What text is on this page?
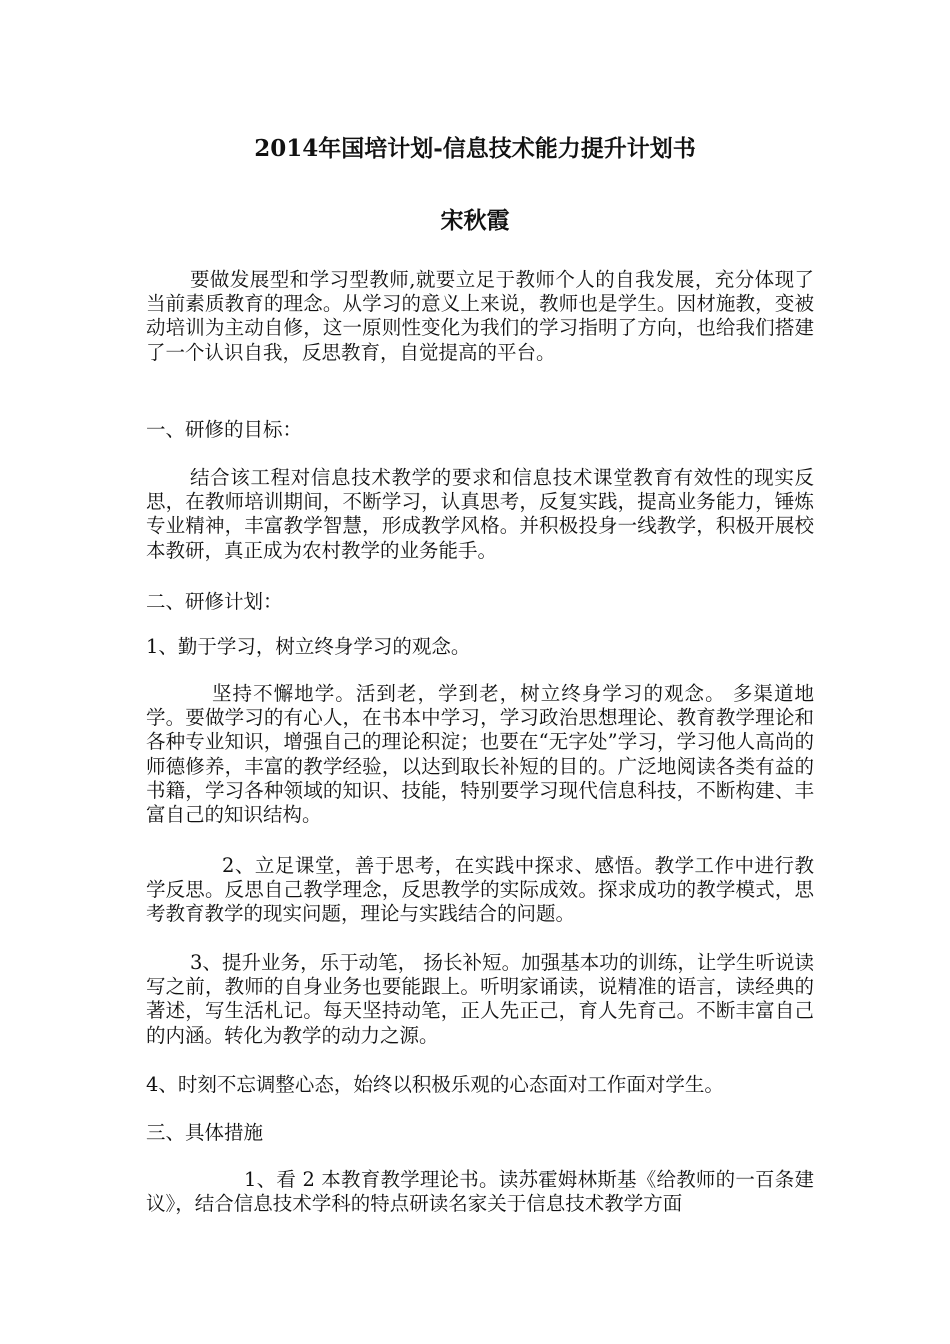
2014年国培计划-信息技术能力提升计划书
宋秋霞

要做发展型和学习型教师,就要立足于教师个人的自我发展，充分体现了当前素质教育的理念。从学习的意义上来说，教师也是学生。因材施教，变被动培训为主动自修，这一原则性变化为我们的学习指明了方向，也给我们搭建了一个认识自我，反思教育，自觉提高的平台。

一、研修的目标：

结合该工程对信息技术教学的要求和信息技术课堂教育有效性的现实反思，在教师培训期间，不断学习，认真思考，反复实践，提高业务能力，锤炼专业精神，丰富教学智慧，形成教学风格。并积极投身一线教学，积极开展校本教研，真正成为农村教学的业务能手。

二、研修计划：

1、勤于学习，树立终身学习的观念。

坚持不懈地学。活到老，学到老，树立终身学习的观念。 多渠道地学。要做学习的有心人，在书本中学习，学习政治思想理论、教育教学理论和各种专业知识，增强自己的理论积淀；也要在“无字处”学习，学习他人高尚的师德修养，丰富的教学经验，以达到取长补短的目的。广泛地阅读各类有益的书籍，学习各种领域的知识、技能，特别要学习现代信息科技，不断构建、丰富自己的知识结构。

2、立足课堂，善于思考，在实践中探求、感悟。教学工作中进行教学反思。反思自己教学理念，反思教学的实际成效。探求成功的教学模式，思考教育教学的现实问题，理论与实践结合的问题。

3、提升业务，乐于动笔， 扬长补短。加强基本功的训练，让学生听说读写之前，教师的自身业务也要能跟上。听明家诵读，说精准的语言，读经典的著述，写生活札记。每天坚持动笔，正人先正己，育人先育己。不断丰富自己的内涵。转化为教学的动力之源。

4、时刻不忘调整心态，始终以积极乐观的心态面对工作面对学生。

三、具体措施

1、看 2 本教育教学理论书。读苏霍姆林斯基《给教师的一百条建议》，结合信息技术学科的特点研读名家关于信息技术教学方面
